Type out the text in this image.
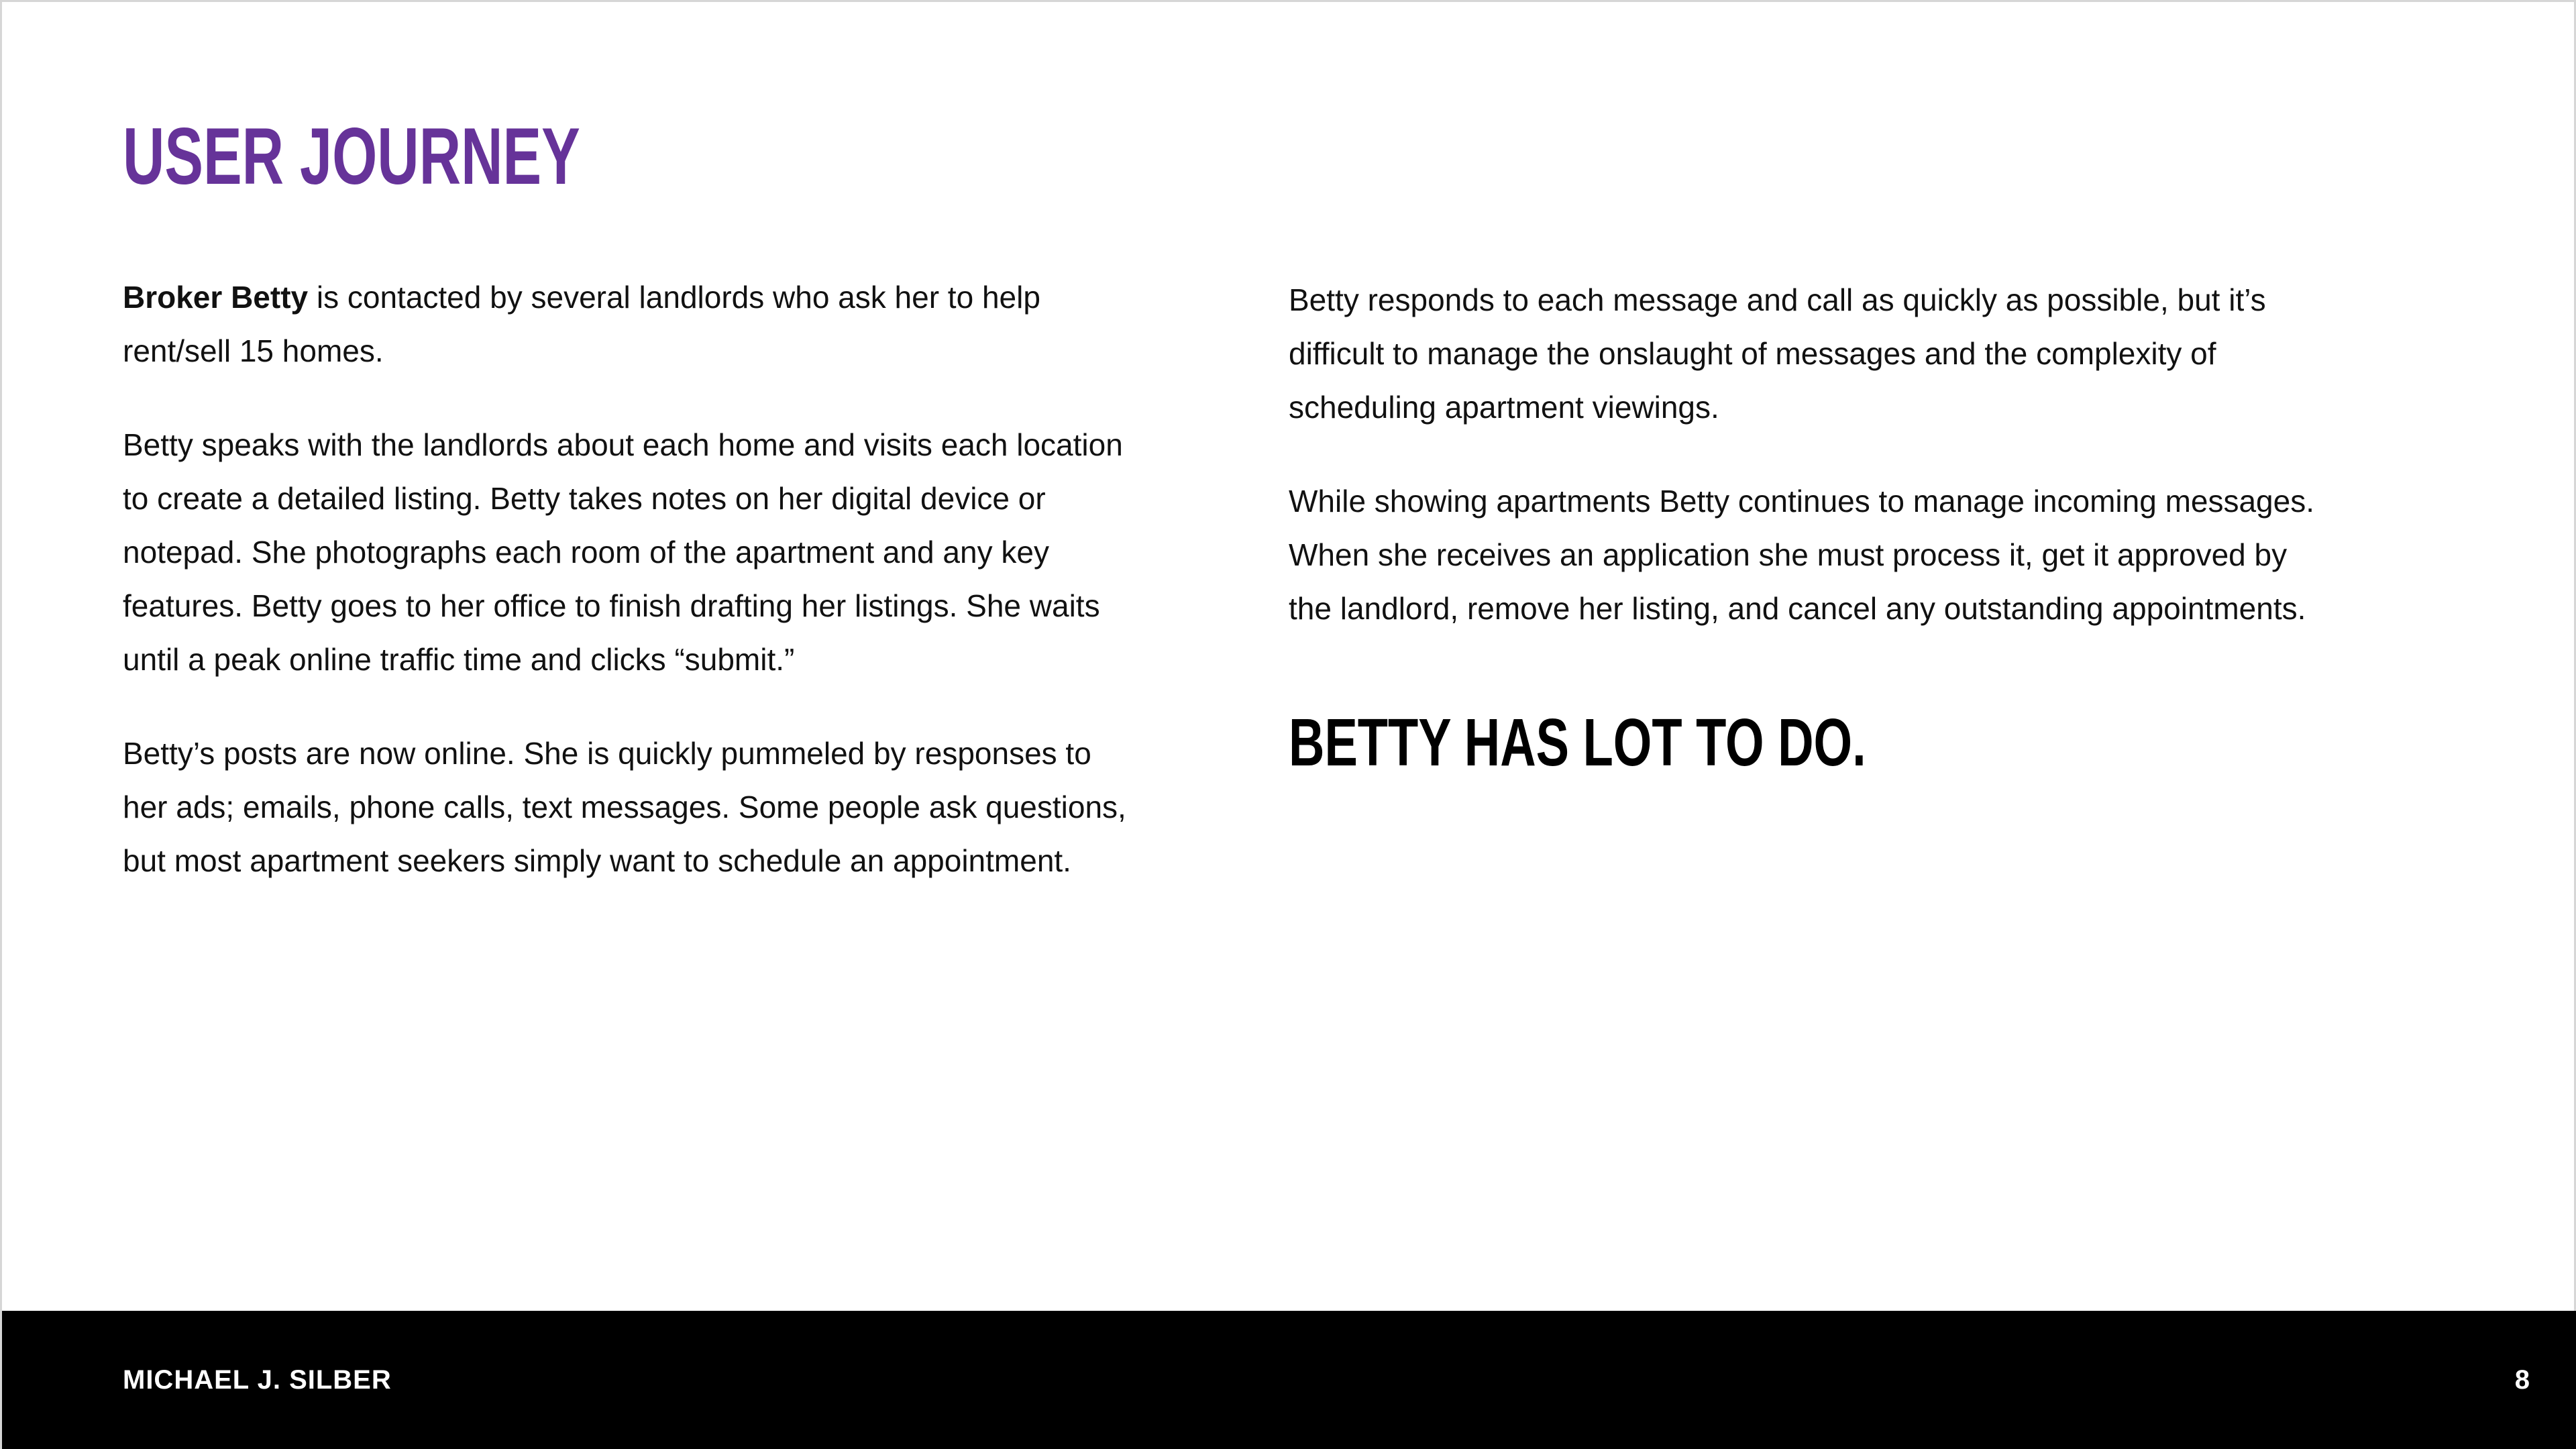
USER JOURNEY

Broker Betty is contacted by several landlords who ask her to help rent/sell 15 homes.

Betty speaks with the landlords about each home and visits each location to create a detailed listing. Betty takes notes on her digital device or notepad. She photographs each room of the apartment and any key features. Betty goes to her office to finish drafting her listings. She waits until a peak online traffic time and clicks “submit.”

Betty’s posts are now online. She is quickly pummeled by responses to her ads; emails, phone calls, text messages. Some people ask questions, but most apartment seekers simply want to schedule an appointment.

Betty responds to each message and call as quickly as possible, but it’s difficult to manage the onslaught of messages and the complexity of scheduling apartment viewings.

While showing apartments Betty continues to manage incoming messages. When she receives an application she must process it, get it approved by the landlord, remove her listing, and cancel any outstanding appointments.

BETTY HAS LOT TO DO.
MICHAEL J. SILBER	8
